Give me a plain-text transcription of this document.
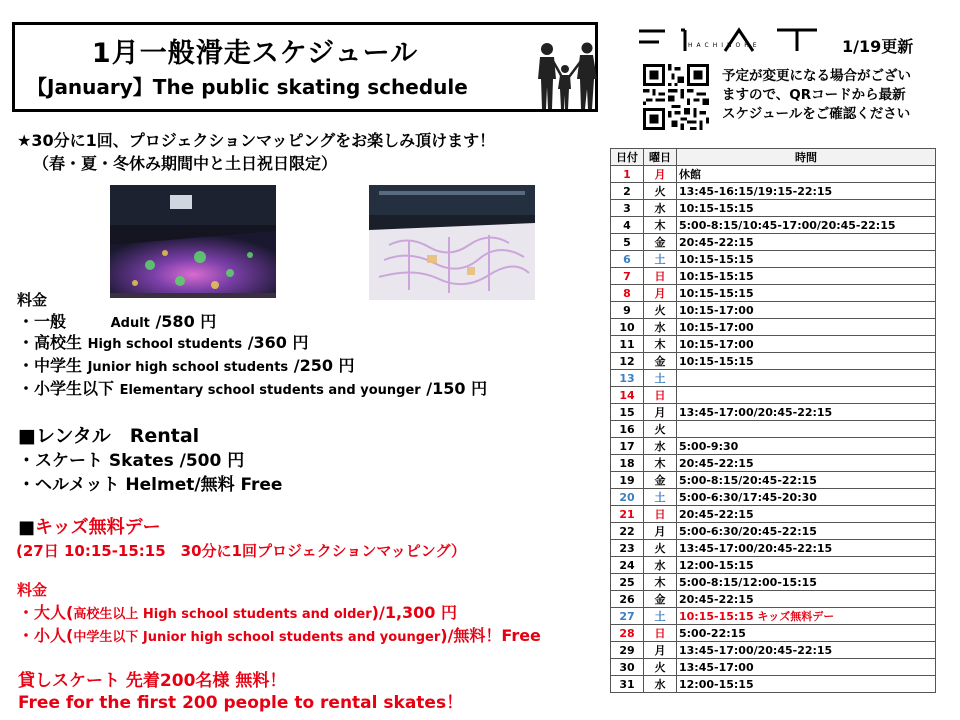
1月一般滑走スケジュール
【January】The public skating schedule
HACHINOHE	1/19更新
予定が変更になる場合がござい
ますので、QRコードから最新
スケジュールをご確認ください
★30分に1回、プロジェクションマッピングをお楽しみ頂けます！
（春・夏・冬休み期間中と土日祝日限定）
料金
・一般	Adult /580 円
・高校生 High school students /360 円
・中学生 Junior high school students /250 円
・小学生以下 Elementary school students and younger /150 円
■レンタル　Rental
・スケート Skates /500 円
・ヘルメット Helmet/無料 Free
■キッズ無料デー
(27日 10:15-15:15　30分に1回プロジェクションマッピング）
料金
・大人(高校生以上 High school students and older)/1,300 円
・小人(中学生以下 Junior high school students and younger)/無料！Free
貸しスケート 先着200名様 無料！
Free for the first 200 people to rental skates！
日付	曜日	時間
1	月	休館
2	火	13:45-16:15/19:15-22:15
3	水	10:15-15:15
4	木	5:00-8:15/10:45-17:00/20:45-22:15
5	金	20:45-22:15
6	土	10:15-15:15
7	日	10:15-15:15
8	月	10:15-15:15
9	火	10:15-17:00
10	水	10:15-17:00
11	木	10:15-17:00
12	金	10:15-15:15
13	土	
14	日	
15	月	13:45-17:00/20:45-22:15
16	火	
17	水	5:00-9:30
18	木	20:45-22:15
19	金	5:00-8:15/20:45-22:15
20	土	5:00-6:30/17:45-20:30
21	日	20:45-22:15
22	月	5:00-6:30/20:45-22:15
23	火	13:45-17:00/20:45-22:15
24	水	12:00-15:15
25	木	5:00-8:15/12:00-15:15
26	金	20:45-22:15
27	土	10:15-15:15 キッズ無料デー
28	日	5:00-22:15
29	月	13:45-17:00/20:45-22:15
30	火	13:45-17:00
31	水	12:00-15:15
